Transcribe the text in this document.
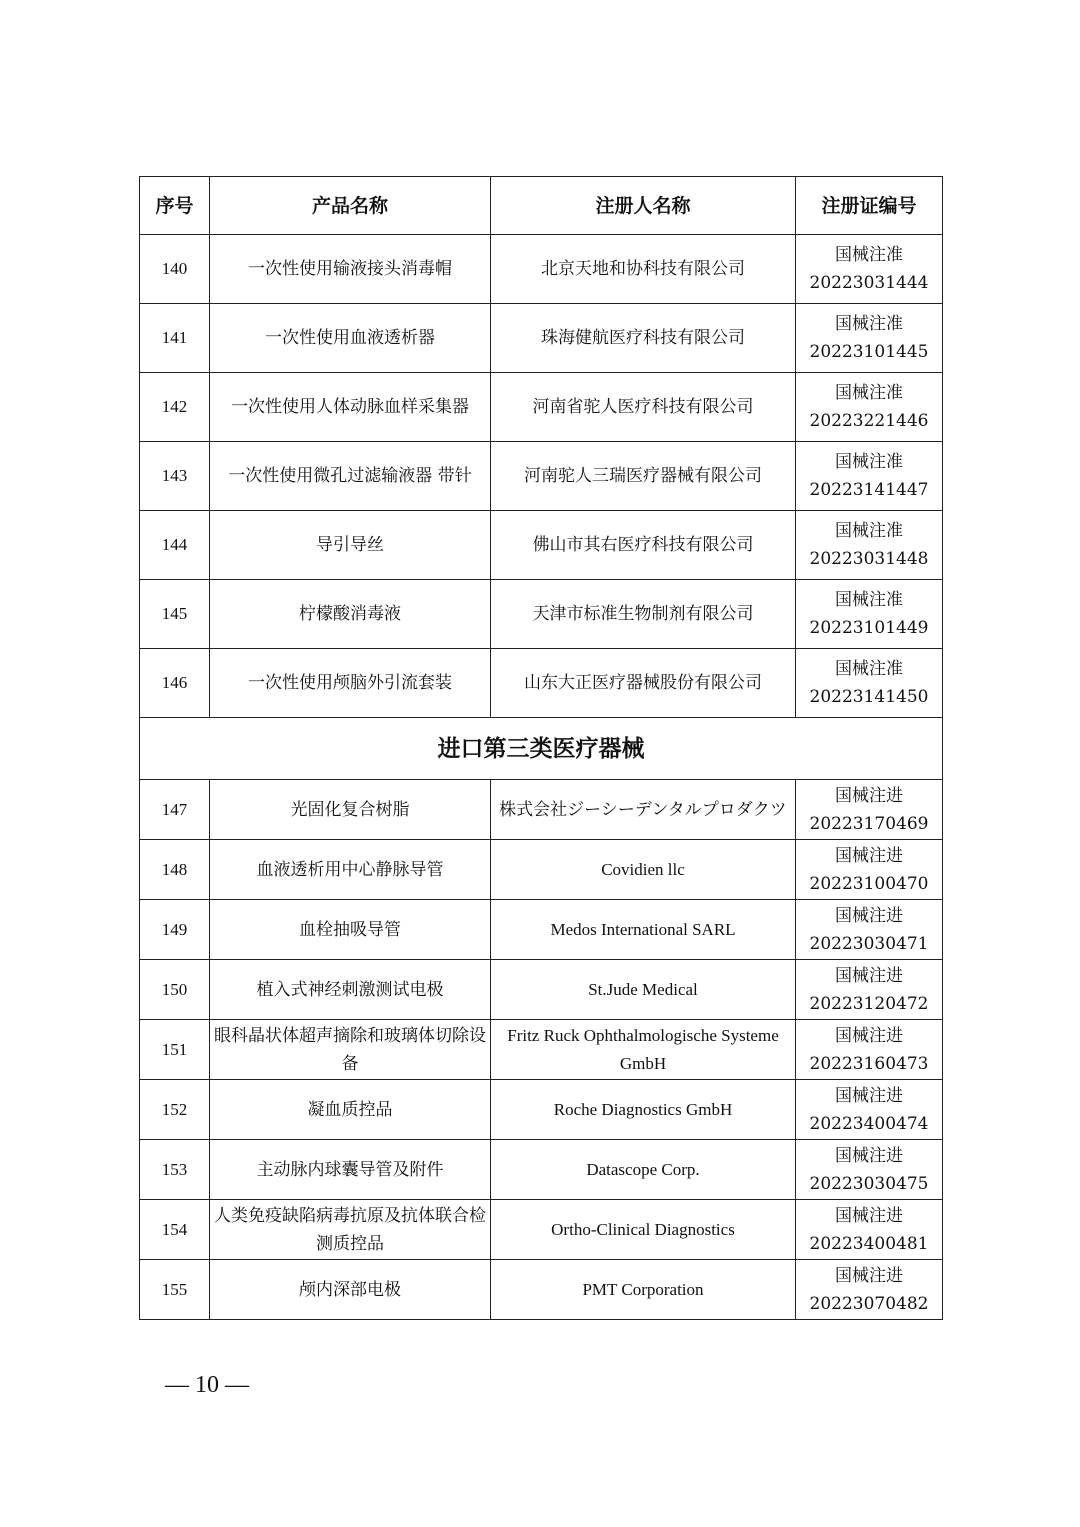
序号	产品名称	注册人名称	注册证编号
140	一次性使用输液接头消毒帽	北京天地和协科技有限公司	国械注准
20223031444

141	一次性使用血液透析器	珠海健航医疗科技有限公司	国械注准
20223101445

142	一次性使用人体动脉血样采集器	河南省驼人医疗科技有限公司	国械注准
20223221446

143	一次性使用微孔过滤输液器 带针	河南驼人三瑞医疗器械有限公司	国械注准
20223141447

144	导引导丝	佛山市其右医疗科技有限公司	国械注准
20223031448

145	柠檬酸消毒液	天津市标准生物制剂有限公司	国械注准
20223101449

146	一次性使用颅脑外引流套装	山东大正医疗器械股份有限公司	国械注准
20223141450

进口第三类医疗器械			
147	光固化复合树脂	株式会社ジーシーデンタルプロダクツ	国械注进
20223170469

148	血液透析用中心静脉导管	Covidien llc	国械注进
20223100470

149	血栓抽吸导管	Medos International SARL	国械注进
20223030471

150	植入式神经刺激测试电极	St.Jude Medical	国械注进
20223120472

151	眼科晶状体超声摘除和玻璃体切除设备	Fritz Ruck Ophthalmologische Systeme GmbH	国械注进
20223160473

152	凝血质控品	Roche Diagnostics GmbH	国械注进
20223400474

153	主动脉内球囊导管及附件	Datascope Corp.	国械注进
20223030475

154	人类免疫缺陷病毒抗原及抗体联合检测质控品	Ortho-Clinical Diagnostics	国械注进
20223400481

155	颅内深部电极	PMT Corporation	国械注进
20223070482
— 10 —
